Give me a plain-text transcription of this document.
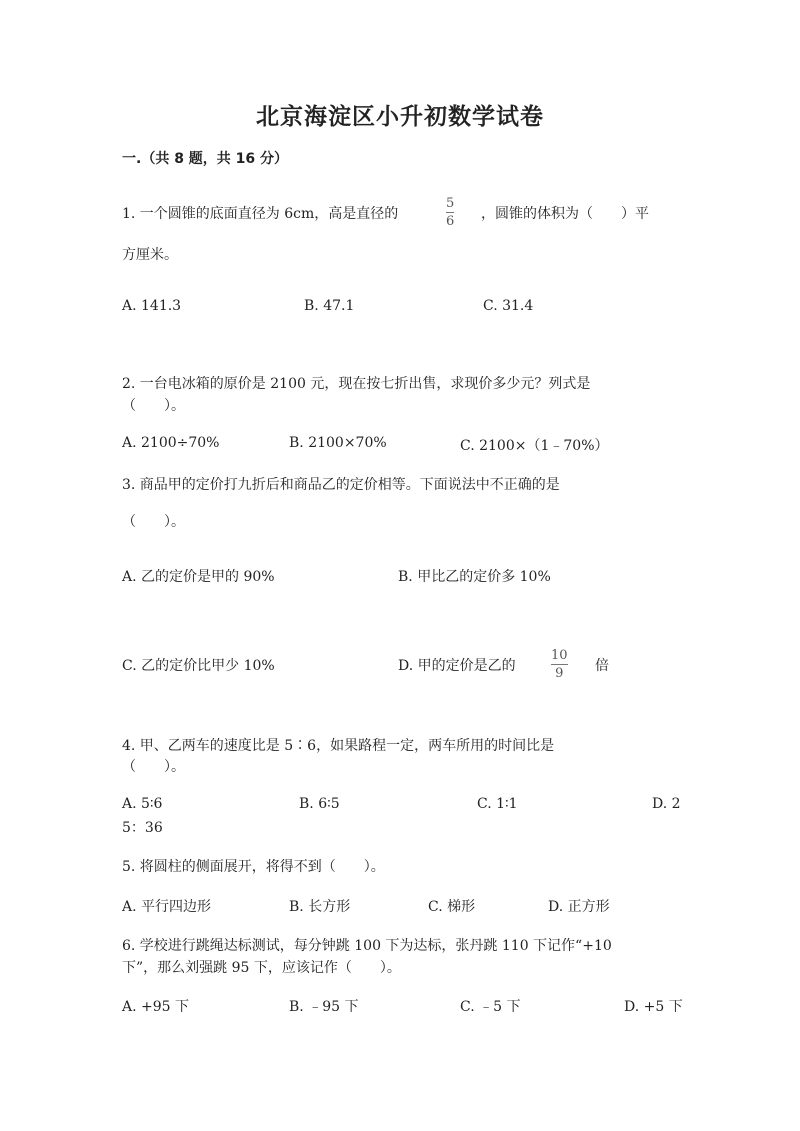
北京海淀区小升初数学试卷
一.（共 8 题，共 16 分）
1. 一个圆锥的底面直径为 6cm，高是直径的
5
6 ，圆锥的体积为（　　）平
方厘米。
A. 141.3	B. 47.1	C. 31.4
2. 一台电冰箱的原价是 2100 元，现在按七折出售，求现价多少元？列式是
（　　）。
A. 2100÷70%	B. 2100×70%	C. 2100×（1﹣70%）
3. 商品甲的定价打九折后和商品乙的定价相等。下面说法中不正确的是
（　　）。
A. 乙的定价是甲的 90%	B. 甲比乙的定价多 10%
C. 乙的定价比甲少 10%	D. 甲的定价是乙的
10
9 倍
4. 甲、乙两车的速度比是 5∶6，如果路程一定，两车所用的时间比是
（　　）。
A. 5∶6	B. 6∶5	C. 1∶1	D. 2
5：36
5. 将圆柱的侧面展开，将得不到（　　）。
A. 平行四边形	B. 长方形	C. 梯形	D. 正方形
6. 学校进行跳绳达标测试，每分钟跳 100 下为达标，张丹跳 110 下记作“+10
下”，那么刘强跳 95 下，应该记作（　　）。
A. +95 下	B. ﹣95 下	C. ﹣5 下	D. +5 下
